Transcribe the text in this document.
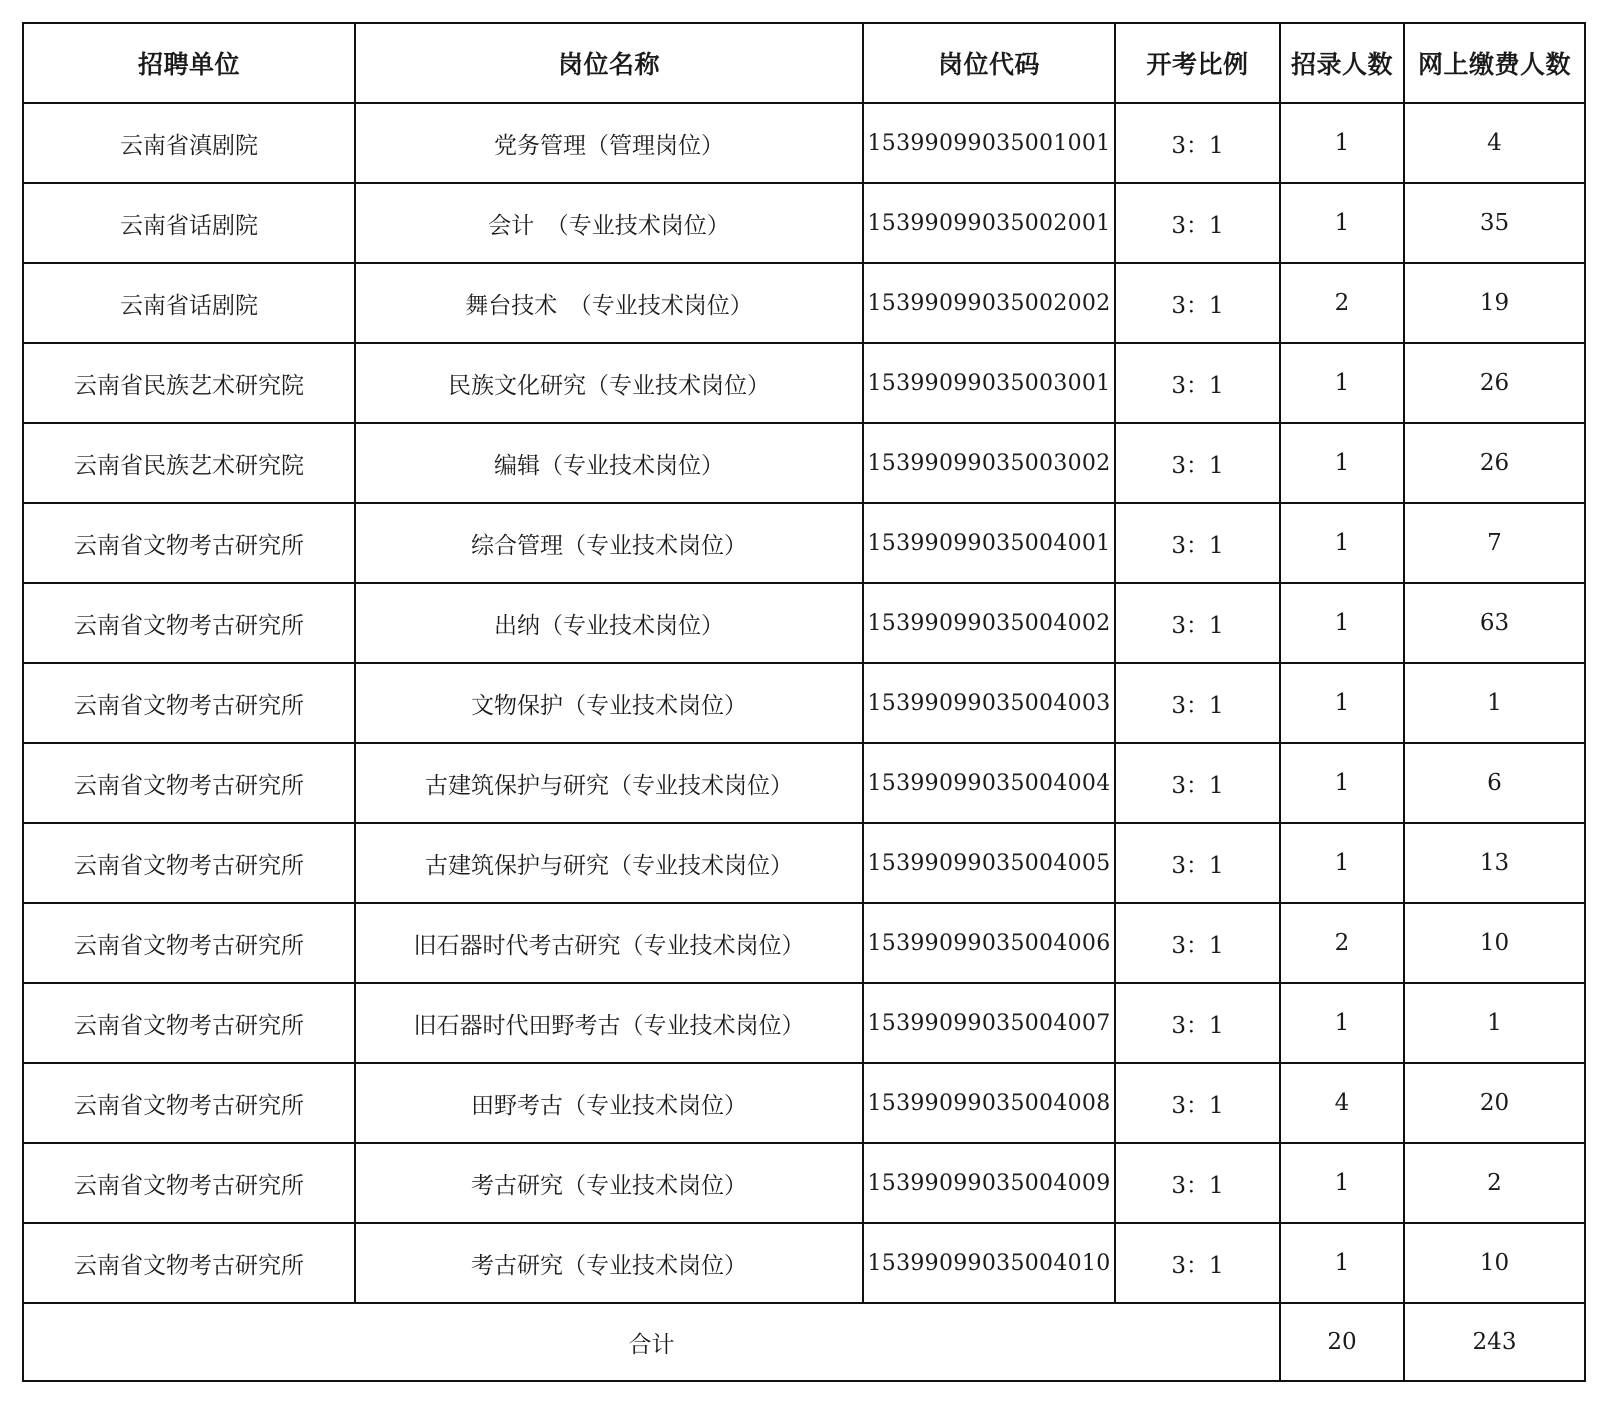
招聘单位	岗位名称	岗位代码	开考比例	招录人数	网上缴费人数
云南省滇剧院	党务管理（管理岗位）	15399099035001001	3：1	1	4
云南省话剧院	会计　（专业技术岗位）	15399099035002001	3：1	1	35
云南省话剧院	舞台技术　（专业技术岗位）	15399099035002002	3：1	2	19
云南省民族艺术研究院	民族文化研究（专业技术岗位）	15399099035003001	3：1	1	26
云南省民族艺术研究院	编辑（专业技术岗位）	15399099035003002	3：1	1	26
云南省文物考古研究所	综合管理（专业技术岗位）	15399099035004001	3：1	1	7
云南省文物考古研究所	出纳（专业技术岗位）	15399099035004002	3：1	1	63
云南省文物考古研究所	文物保护（专业技术岗位）	15399099035004003	3：1	1	1
云南省文物考古研究所	古建筑保护与研究（专业技术岗位）	15399099035004004	3：1	1	6
云南省文物考古研究所	古建筑保护与研究（专业技术岗位）	15399099035004005	3：1	1	13
云南省文物考古研究所	旧石器时代考古研究（专业技术岗位）	15399099035004006	3：1	2	10
云南省文物考古研究所	旧石器时代田野考古（专业技术岗位）	15399099035004007	3：1	1	1
云南省文物考古研究所	田野考古（专业技术岗位）	15399099035004008	3：1	4	20
云南省文物考古研究所	考古研究（专业技术岗位）	15399099035004009	3：1	1	2
云南省文物考古研究所	考古研究（专业技术岗位）	15399099035004010	3：1	1	10
合计				20	243
